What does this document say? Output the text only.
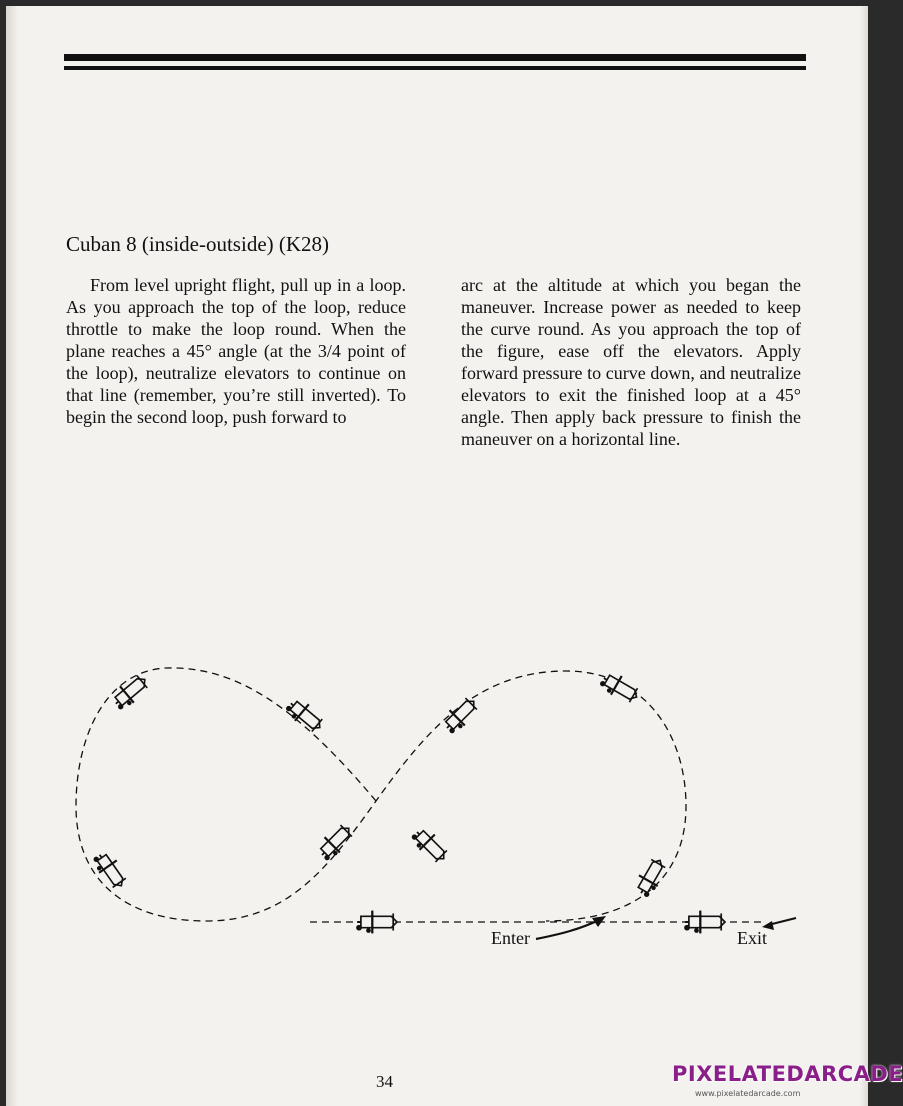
Cuban 8 (inside-outside) (K28)

From level upright flight, pull up in a loop. As you approach the top of the loop, reduce throttle to make the loop round. When the plane reaches a 45° angle (at the 3/4 point of the loop), neutralize elevators to continue on that line (remember, you’re still inverted). To begin the second loop, push forward to

arc at the altitude at which you began the maneuver. Increase power as needed to keep the curve round. As you approach the top of the figure, ease off the elevators. Apply forward pressure to curve down, and neutralize elevators to exit the finished loop at a 45° angle. Then apply back pressure to finish the maneuver on a horizontal line.

Enter	Exit
34	PIXELATEDARCADE
www.pixelatedarcade.com
